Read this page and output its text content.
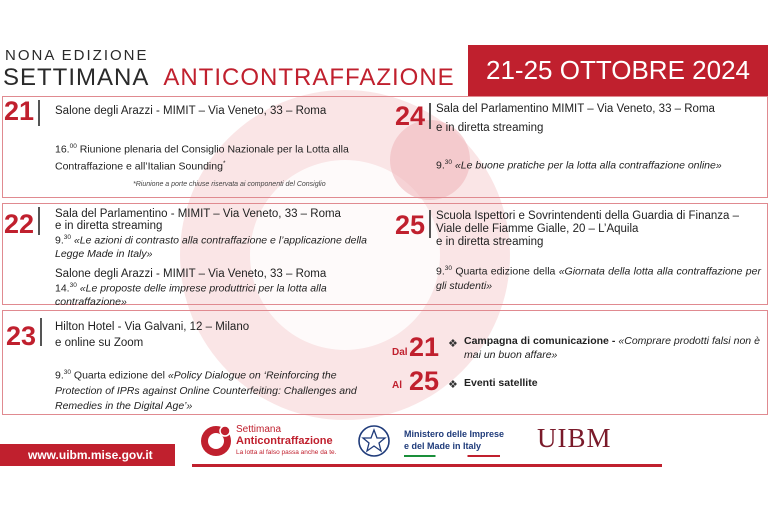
NONA EDIZIONE
SETTIMANA ANTICONTRAFFAZIONE	21-25 OTTOBRE 2024
21 Salone degli Arazzi - MIMIT – Via Veneto, 33 – Roma
16.00 Riunione plenaria del Consiglio Nazionale per la Lotta alla Contraffazione e all’Italian Sounding*
*Riunione a porte chiuse riservata ai componenti del Consiglio
24 Sala del Parlamentino MIMIT – Via Veneto, 33 – Roma
e in diretta streaming
9.30 «Le buone pratiche per la lotta alla contraffazione online»
22 Sala del Parlamentino - MIMIT – Via Veneto, 33 – Roma
e in diretta streaming
9.30 «Le azioni di contrasto alla contraffazione e l’applicazione della Legge Made in Italy»
Salone degli Arazzi - MIMIT – Via Veneto, 33 – Roma
14.30 «Le proposte delle imprese produttrici per la lotta alla contraffazione»
25 Scuola Ispettori e Sovrintendenti della Guardia di Finanza –
Viale delle Fiamme Gialle, 20 – L’Aquila
e in diretta streaming
9.30 Quarta edizione della «Giornata della lotta alla contraffazione per gli studenti»
23 Hilton Hotel - Via Galvani, 12 – Milano
e online su Zoom
9.30 Quarta edizione del «Policy Dialogue on ‘Reinforcing the Protection of IPRs against Online Counterfeiting: Challenges and Remedies in the Digital Age’»
Dal 21 ❖ Campagna di comunicazione - «Comprare prodotti falsi non è mai un buon affare»
Al 25 ❖ Eventi satellite
www.uibm.mise.gov.it
Settimana
Anticontraffazione
La lotta al falso passa anche da te.
Ministero delle Imprese
e del Made in Italy UIBM
